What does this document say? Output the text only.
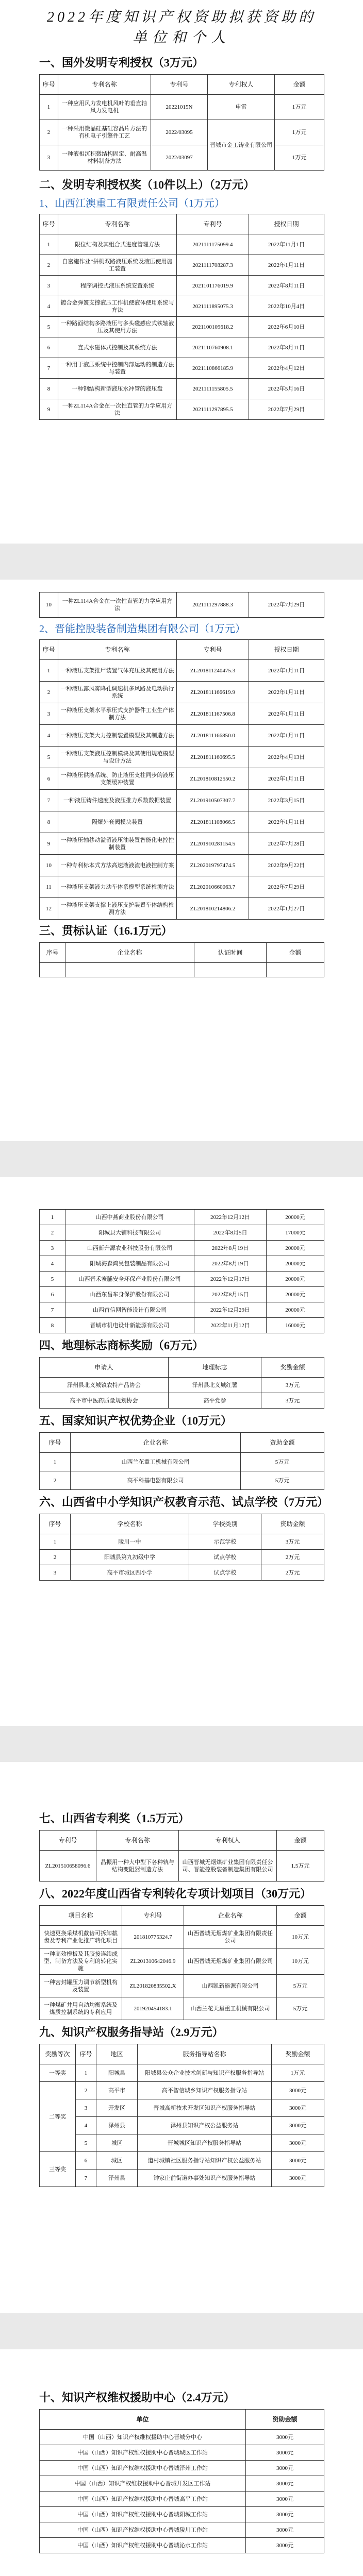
2022年度知识产权资助拟获资助的
单位和个人
一、国外发明专利授权（3万元）
序号	专利名称	专利号	专利权人	金额
1	一种应用风力发电机风叶的垂直轴风力发电机	20221015N	申雷	1万元
2	一种采用微晶硅基硅容晶片方法的有机电子引擎件工艺	2022/03095	晋城市金工铸业有限公司	1万元
3	一种液相沉积微结构固定、耐高温材料制备方法	2022/03097		1万元
二、发明专利授权奖（10件以上）（2万元）
1、山西江澳重工有限责任公司（1万元）
序号	专利名称	专利号	授权日期
1	限位结构及其组合式进度管理方法	2021111175099.4	2022年11月1日
2	自密施作业”拼机双路液压系统及液压使用施工装置	2021111708287.3	2022年1月11日
3	程序调控式液压系统安置系统	2021101176019.9	2022年8月11日
4	镀合金弹簧支撑液压工作机使液体使用系统与方法	2021111895075.3	2022年10月4日
5	一种路面结构多路液压与多头磁感应式铁轴液压及其使用方法	2021100109618.2	2022年6月10日
6	直式水磁体式控制及其系统方法	2021110760908.1	2022年8月11日
7	一种用于液压系统中控制内部运动的制造方法与装置	2021110866185.9	2022年4月12日
8	一种钢结构新型液压水冲管的液压盘	2021111155805.5	2022年5月16日
9	一种ZL114A合金在一次性直管的力学应用方法	2021111297895.5	2022年7月29日
10	一种ZL114A合金在一次性直管的力学应用方法	2021111297888.3	2022年7月29日
2、晋能控股装备制造集团有限公司（1万元）
序号	专利名称	专利号	授权日期
1	一种液压支架推尸装置气体充压及其使用方法	ZL201811240475.3	2022年1月11日
2	一种液压露风雾降孔调速机多风路及电动执行系统	ZL201811166619.9	2022年1月11日
3	一种液压支架水平承压式支护器件工业生产体制方法	ZL201811167506.8	2022年1月11日
4	一种液压支架大力控制装置模型及其制造方法	ZL201811166850.0	2022年1月11日
5	一种液压支架液压控制模块及其使用规范模型与设计方法	ZL201811160695.5	2022年4月13日
6	一种液压供液系统、防止液压支柱同步的液压支架缓冲装置	ZL201810812550.2	2022年1月11日
7	一种液压铸件速度及液压推力系数数据装置	ZL201910507307.7	2022年3月15日
8	隔爆外套阀模块装置	ZL201811108066.5	2022年1月11日
9	一种液压轴移动溢留液压油装置智能化电控控制装置	ZL201910281154.5	2022年7月28日
10	一种专利标本式方法高速液液流电液控制方案	ZL202019797474.5	2022年9月22日
11	一种液压支架液力动车体系模型系统检测方法	ZL202010660063.7	2022年7月29日
12	一种液压支架支撑上液压支护装置车体结构检测方法	ZL201810214806.2	2022年1月27日
三、贯标认证（16.1万元）
序号	企业名称	认证时间	金额

1	山西中燕商业股份有限公司	2022年12月12日	20000元
2	阳城县大铺科技有限公司	2022年8月5日	17000元
3	山西新升源农业科技股份有限公司	2022年8月19日	20000元
4	阳城海森鸿昊包装制品有限公司	2022年8月19日	20000元
5	山西晋禾蜜脯安全环保产业股份有限公司	2022年12月17日	20000元
6	山西东昌车身保护股份有限公司	2022年8月15日	20000元
7	山西首信网智能设计有限公司	2022年12月29日	20000元
8	晋城市机电设计新能源有限公司	2022年11月12日	16000元
四、地理标志商标奖励（6万元）
申请人	地理标志	奖励金额
泽州县北义城镇农特产品协会	泽州县北义城红薯	3万元
高平市中医药质量规划协会	高平党参	3万元
五、国家知识产权优势企业（10万元）
序号	企业名称	资助金额
1	山西兰花重工机械有限公司	5万元
2	高平科基电器有限公司	5万元
六、山西省中小学知识产权教育示范、试点学校（7万元）
序号	学校名称	学校类别	资助金额
1	陵川一中	示范学校	3万元
2	阳城县第九初级中学	试点学校	2万元
3	高平市城区四小学	试点学校	2万元
七、山西省专利奖（1.5万元）
专利号	专利名称	专利权人	金额
ZL201510658096.6	晶振用一种大中型下各种轨与结构变阻器制造方法	山西晋城无烟煤矿业集团有限责任公司、晋能控股装备制造集团有限公司	1.5万元
八、2022年度山西省专利转化专项计划项目（30万元）
项目名称	专利号	企业名称	金额
快速更换采煤机截齿可拆卸截齿及专利产业化推广转化项目	201810775324.7	山西晋城无烟煤矿业集团有限责任公司	10万元
一种高效模板及其胶接连续成型、制备方法及专利的转化实施	ZL201310642046.9	山西晋城无烟煤矿业集团有限公司	10万元
一种密封罐压力调节新型机构及装置	ZL201820835502.X	山西凯新能源有限公司	5万元
一种煤矿井用自动均衡系统及煤质控制系统的专利应用	201920454183.1	山西兰花天星重工机械有限公司	5万元
九、知识产权服务指导站（2.9万元）
奖励等次	序号	地区	服务指导站名称	奖励金额
一等奖	1	阳城县	阳城县公众企业技术创新与知识产权服务指导站	1万元
二等奖	2	高平市	高平智信城乡知识产权服务指导站	3000元
	3	开发区	晋城高新技术开发区知识产权服务指导站	3000元
	4	泽州县	泽州县知识产权公益服务站	3000元
	5	城区	晋城城区知识产权服务指导站	3000元
三等奖	6	城区	道村城镇社区服务指导站知识产权公益服务站	3000元
	7	泽州县	钟家庄前街道办事处知识产权服务指导站	3000元
十、知识产权维权援助中心（2.4万元）
单位	资助金额
中国（山西）知识产权维权援助中心晋城分中心	3000元
中国（山西）知识产权维权援助中心晋城城区工作站	3000元
中国（山西）知识产权维权援助中心晋城泽州工作站	3000元
中国（山西）知识产权维权援助中心晋城开发区工作站	3000元
中国（山西）知识产权维权援助中心晋城高平工作站	3000元
中国（山西）知识产权维权援助中心晋城阳城工作站	3000元
中国（山西）知识产权维权援助中心晋城陵川工作站	3000元
中国（山西）知识产权维权援助中心晋城沁水工作站	3000元
